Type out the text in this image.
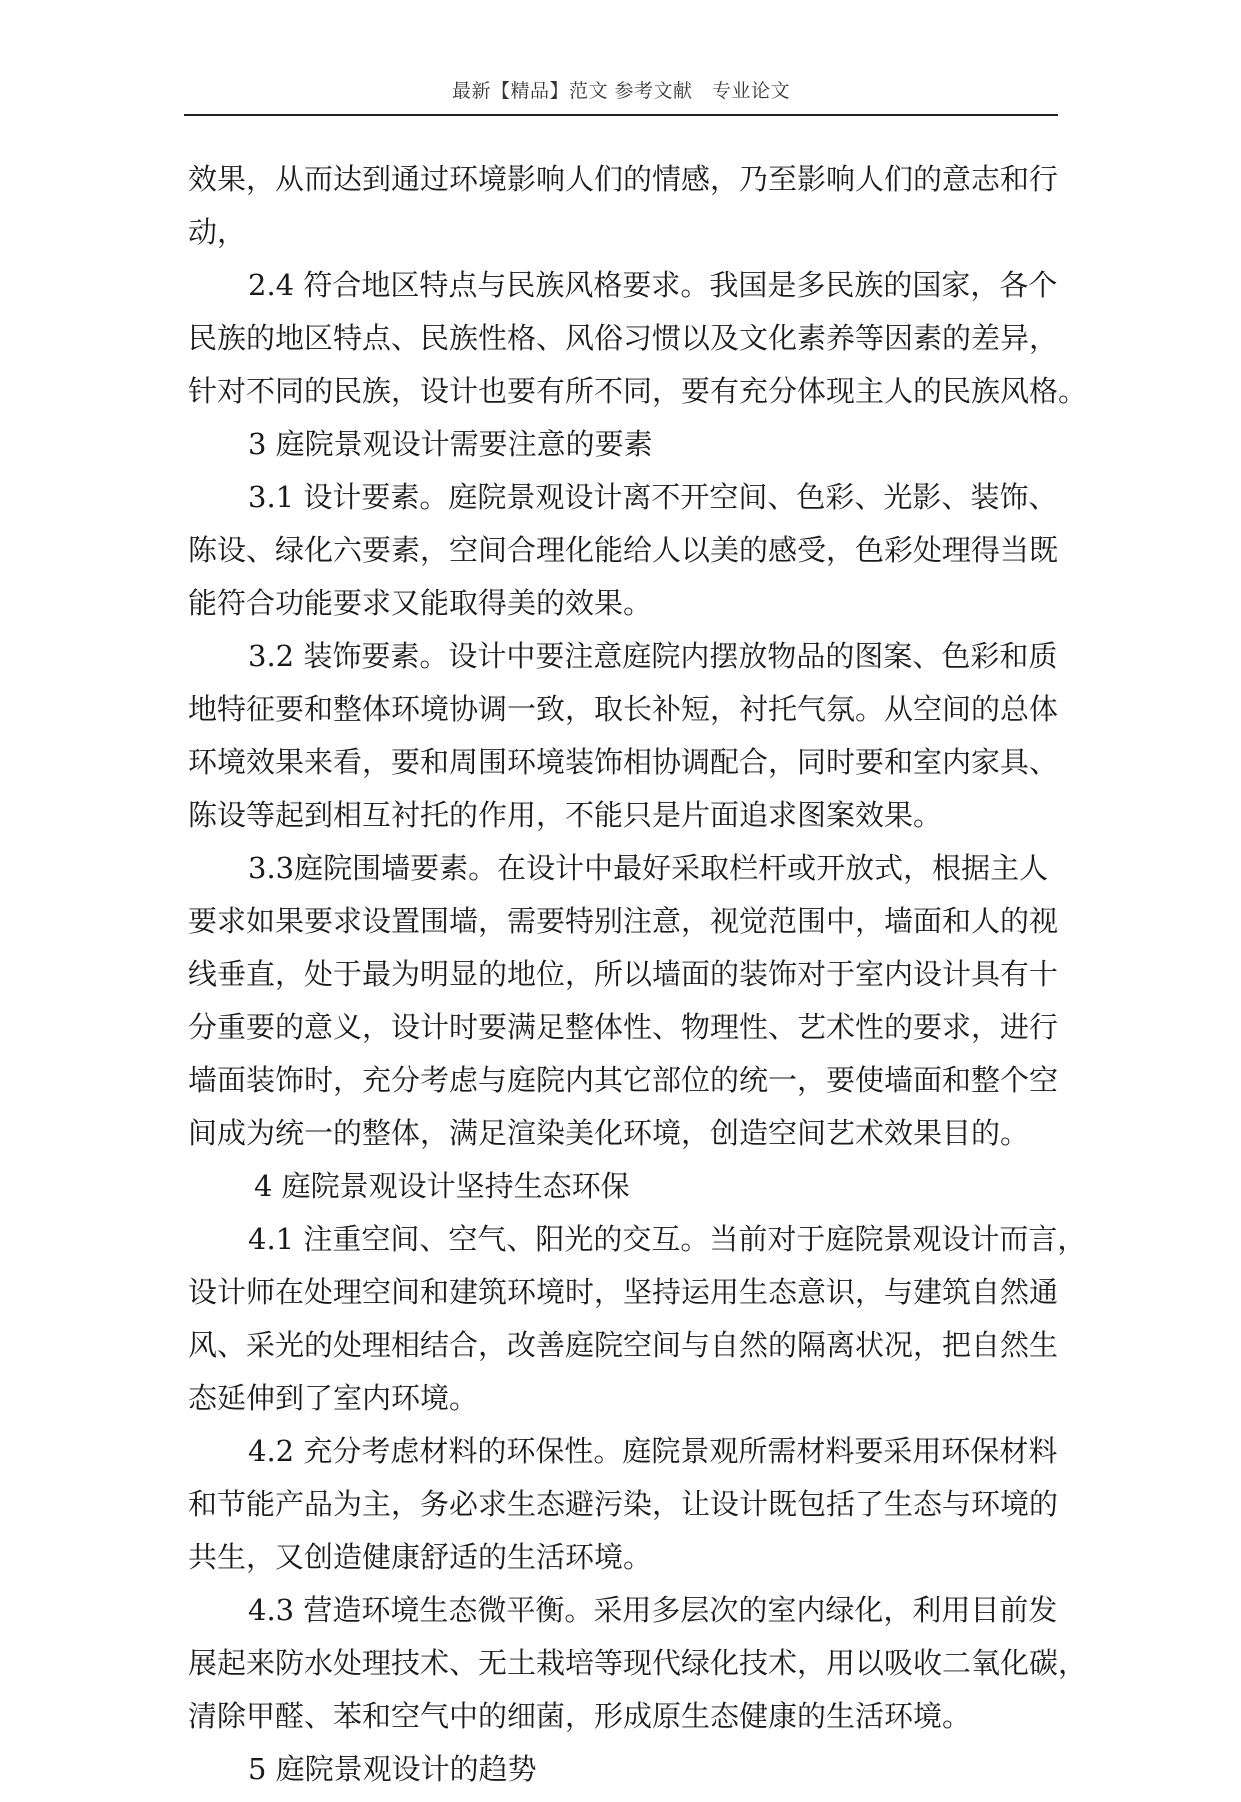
最新【精品】范文 参考文献　专业论文
效果，从而达到通过环境影响人们的情感，乃至影响人们的意志和行
动，
2.4 符合地区特点与民族风格要求。我国是多民族的国家，各个
民族的地区特点、民族性格、风俗习惯以及文化素养等因素的差异，
针对不同的民族，设计也要有所不同，要有充分体现主人的民族风格。
3 庭院景观设计需要注意的要素
3.1 设计要素。庭院景观设计离不开空间、色彩、光影、装饰、
陈设、绿化六要素，空间合理化能给人以美的感受，色彩处理得当既
能符合功能要求又能取得美的效果。
3.2 装饰要素。设计中要注意庭院内摆放物品的图案、色彩和质
地特征要和整体环境协调一致，取长补短，衬托气氛。从空间的总体
环境效果来看，要和周围环境装饰相协调配合，同时要和室内家具、
陈设等起到相互衬托的作用，不能只是片面追求图案效果。
3.3庭院围墙要素。在设计中最好采取栏杆或开放式，根据主人
要求如果要求设置围墙，需要特别注意，视觉范围中，墙面和人的视
线垂直，处于最为明显的地位，所以墙面的装饰对于室内设计具有十
分重要的意义，设计时要满足整体性、物理性、艺术性的要求，进行
墙面装饰时，充分考虑与庭院内其它部位的统一，要使墙面和整个空
间成为统一的整体，满足渲染美化环境，创造空间艺术效果目的。
4 庭院景观设计坚持生态环保
4.1 注重空间、空气、阳光的交互。当前对于庭院景观设计而言，
设计师在处理空间和建筑环境时，坚持运用生态意识，与建筑自然通
风、采光的处理相结合，改善庭院空间与自然的隔离状况，把自然生
态延伸到了室内环境。
4.2 充分考虑材料的环保性。庭院景观所需材料要采用环保材料
和节能产品为主，务必求生态避污染，让设计既包括了生态与环境的
共生，又创造健康舒适的生活环境。
4.3 营造环境生态微平衡。采用多层次的室内绿化，利用目前发
展起来防水处理技术、无土栽培等现代绿化技术，用以吸收二氧化碳，
清除甲醛、苯和空气中的细菌，形成原生态健康的生活环境。
5 庭院景观设计的趋势
